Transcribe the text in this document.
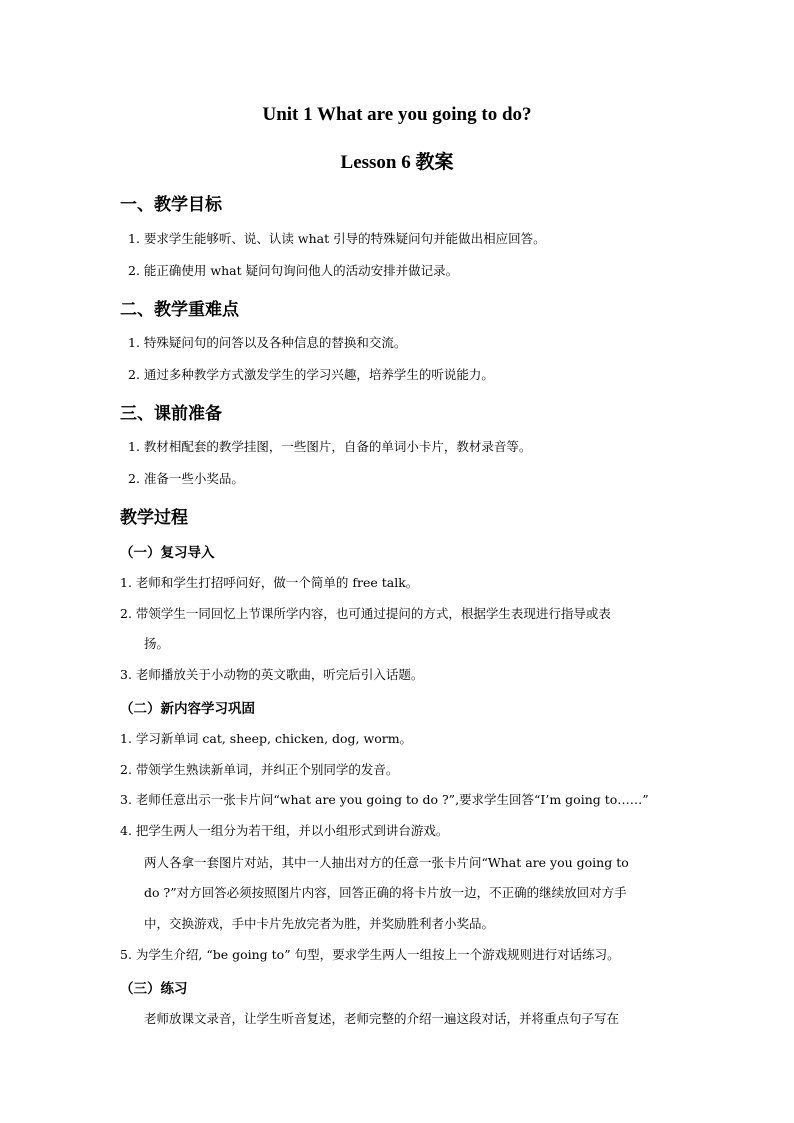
Unit 1 What are you going to do?
Lesson 6 教案
一、教学目标
1. 要求学生能够听、说、认读 what 引导的特殊疑问句并能做出相应回答。
2. 能正确使用 what 疑问句询问他人的活动安排并做记录。
二、教学重难点
1. 特殊疑问句的问答以及各种信息的替换和交流。
2. 通过多种教学方式激发学生的学习兴趣，培养学生的听说能力。
三、课前准备
1. 教材相配套的教学挂图，一些图片，自备的单词小卡片，教材录音等。
2. 准备一些小奖品。
教学过程
（一）复习导入
1. 老师和学生打招呼问好，做一个简单的 free talk。
2. 带领学生一同回忆上节课所学内容，也可通过提问的方式，根据学生表现进行指导或表
扬。
3. 老师播放关于小动物的英文歌曲，听完后引入话题。
（二）新内容学习巩固
1. 学习新单词 cat, sheep, chicken, dog, worm。
2. 带领学生熟读新单词，并纠正个别同学的发音。
3. 老师任意出示一张卡片问“what are you going to do ?”,要求学生回答“I’m going to……”
4. 把学生两人一组分为若干组，并以小组形式到讲台游戏。
两人各拿一套图片对站，其中一人抽出对方的任意一张卡片问“What are you going to
do ?”对方回答必须按照图片内容，回答正确的将卡片放一边，不正确的继续放回对方手
中，交换游戏，手中卡片先放完者为胜，并奖励胜利者小奖品。
5. 为学生介绍, “be going to” 句型，要求学生两人一组按上一个游戏规则进行对话练习。
（三）练习
老师放课文录音，让学生听音复述，老师完整的介绍一遍这段对话，并将重点句子写在
